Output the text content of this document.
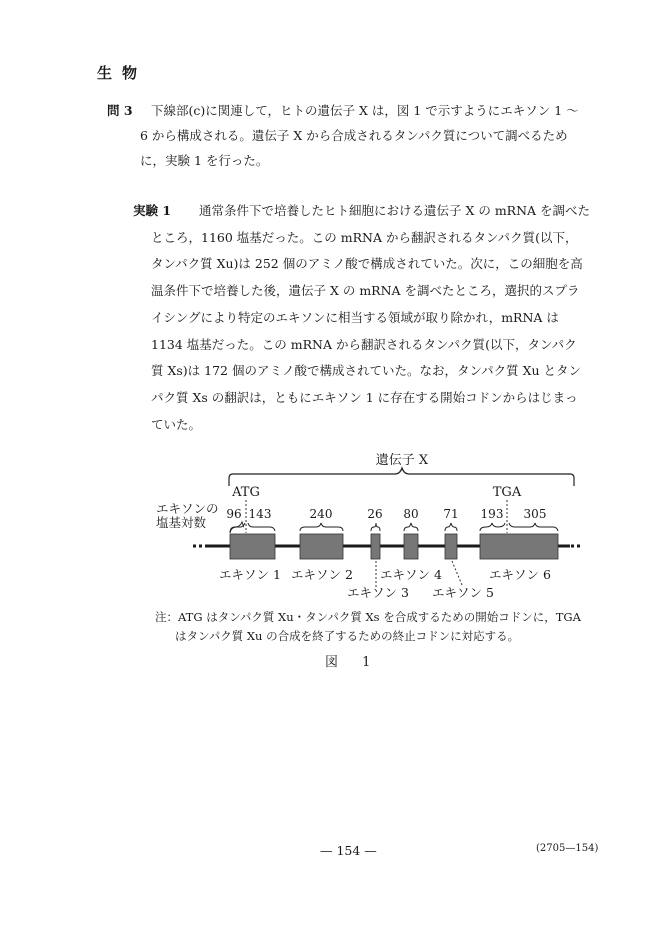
生物
問 3	下線部(c)に関連して，ヒトの遺伝子 X は，図 1 で示すようにエキソン 1 ～
6 から構成される。遺伝子 X から合成されるタンパク質について調べるため
に，実験 1 を行った。
実験 1	通常条件下で培養したヒト細胞における遺伝子 X の mRNA を調べた
ところ，1160 塩基だった。この mRNA から翻訳されるタンパク質(以下，
タンパク質 Xu)は 252 個のアミノ酸で構成されていた。次に，この細胞を高
温条件下で培養した後，遺伝子 X の mRNA を調べたところ，選択的スプラ
イシングにより特定のエキソンに相当する領域が取り除かれ，mRNA は
1134 塩基だった。この mRNA から翻訳されるタンパク質(以下，タンパク
質 Xs)は 172 個のアミノ酸で構成されていた。なお，タンパク質 Xu とタン
パク質 Xs の翻訳は，ともにエキソン 1 に存在する開始コドンからはじまっ
ていた。
遺伝子 X
ATG	TGA
エキソンの
塩基対数
96 143	240	26 80 71 193 305
エキソン 1 エキソン 2
エキソン 3
エキソン 4
エキソン 5
エキソン 6
注：ATG はタンパク質 Xu・タンパク質 Xs を合成するための開始コドンに，TGA
はタンパク質 Xu の合成を終了するための終止コドンに対応する。
図 1
— 154 —	(2705—154)
